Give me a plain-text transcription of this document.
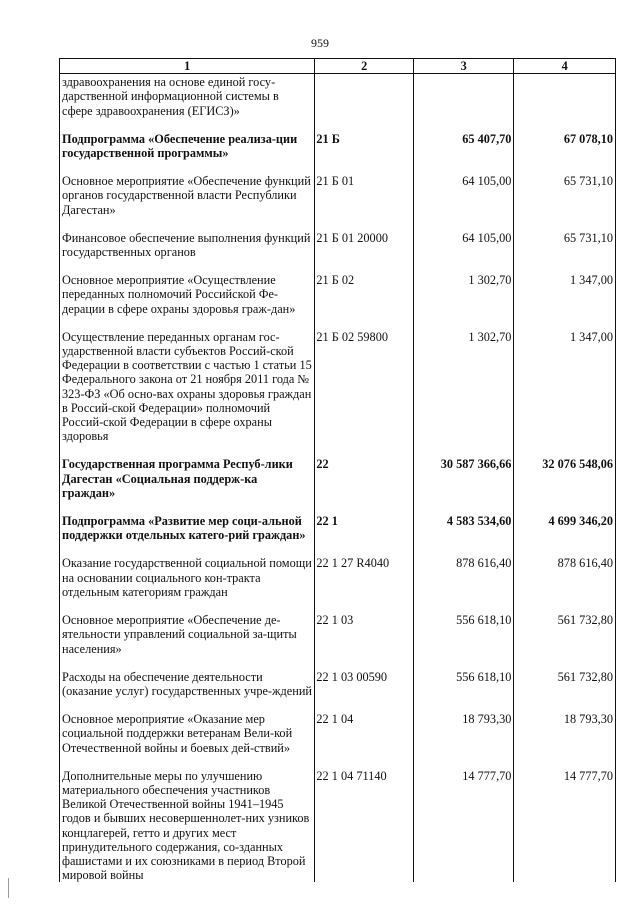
959
1	2	3	4
здравоохранения на основе единой госу-дарственной информационной системы в сфере здравоохранения (ЕГИСЗ)»			

Подпрограмма «Обеспечение реализа-ции государственной программы»	21 Б	65 407,70	67 078,10

Основное мероприятие «Обеспечение функций органов государственной власти Республики Дагестан»	21 Б 01	64 105,00	65 731,10

Финансовое обеспечение выполнения функций государственных органов	21 Б 01 20000	64 105,00	65 731,10

Основное мероприятие «Осуществление переданных полномочий Российской Фе-дерации в сфере охраны здоровья граж-дан»	21 Б 02	1 302,70	1 347,00

Осуществление переданных органам гос-ударственной власти субъектов Россий-ской Федерации в соответствии с частью 1 статьи 15 Федерального закона от 21 ноября 2011 года № 323-ФЗ «Об осно-вах охраны здоровья граждан в Россий-ской Федерации» полномочий Россий-ской Федерации в сфере охраны здоровья	21 Б 02 59800	1 302,70	1 347,00

Государственная программа Респуб-лики Дагестан «Социальная поддерж-ка граждан»	22	30 587 366,66	32 076 548,06

Подпрограмма «Развитие мер соци-альной поддержки отдельных катего-рий граждан»	22 1	4 583 534,60	4 699 346,20

Оказание государственной социальной помощи на основании социального кон-тракта отдельным категориям граждан	22 1 27 R4040	878 616,40	878 616,40

Основное мероприятие «Обеспечение де-ятельности управлений социальной за-щиты населения»	22 1 03	556 618,10	561 732,80

Расходы на обеспечение деятельности (оказание услуг) государственных учре-ждений	22 1 03 00590	556 618,10	561 732,80

Основное мероприятие «Оказание мер социальной поддержки ветеранам Вели-кой Отечественной войны и боевых дей-ствий»	22 1 04	18 793,30	18 793,30

Дополнительные меры по улучшению материального обеспечения участников Великой Отечественной войны 1941–1945 годов и бывших несовершеннолет-них узников концлагерей, гетто и других мест принудительного содержания, со-зданных фашистами и их союзниками в период Второй мировой войны	22 1 04 71140	14 777,70	14 777,70
